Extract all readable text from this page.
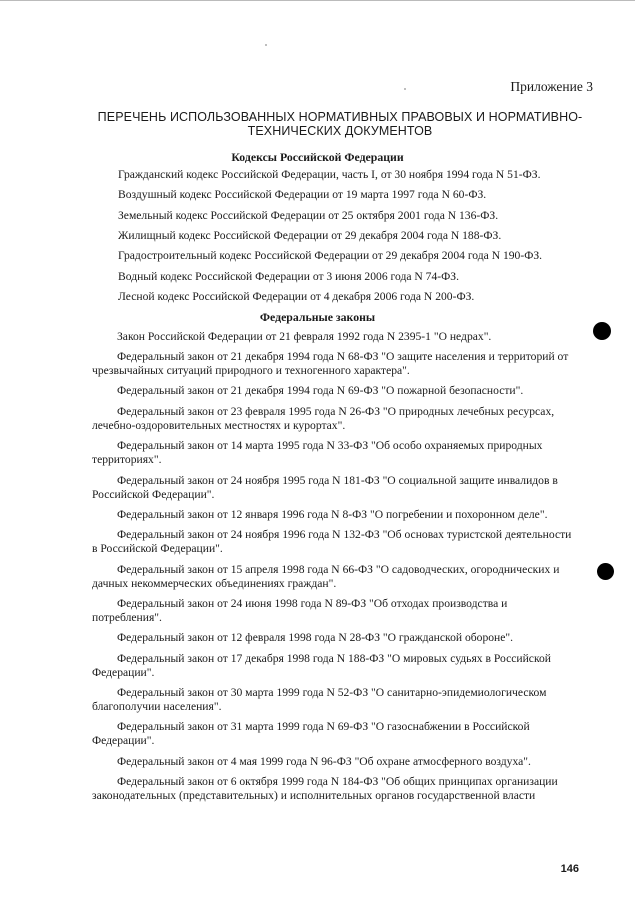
Приложение 3
ПЕРЕЧЕНЬ ИСПОЛЬЗОВАННЫХ НОРМАТИВНЫХ ПРАВОВЫХ И НОРМАТИВНО-ТЕХНИЧЕСКИХ ДОКУМЕНТОВ
Кодексы Российской Федерации
Гражданский кодекс Российской Федерации, часть I, от 30 ноября 1994 года N 51-ФЗ.
Воздушный кодекс Российской Федерации от 19 марта 1997 года N 60-ФЗ.
Земельный кодекс Российской Федерации от 25 октября 2001 года N 136-ФЗ.
Жилищный кодекс Российской Федерации от 29 декабря 2004 года N 188-ФЗ.
Градостроительный кодекс Российской Федерации от 29 декабря 2004 года N 190-ФЗ.
Водный кодекс Российской Федерации от 3 июня 2006 года N 74-ФЗ.
Лесной кодекс Российской Федерации от 4 декабря 2006 года N 200-ФЗ.
Федеральные законы
Закон Российской Федерации от 21 февраля 1992 года N 2395-1 "О недрах".
Федеральный закон от 21 декабря 1994 года N 68-ФЗ "О защите населения и территорий от
чрезвычайных ситуаций природного и техногенного характера".
Федеральный закон от 21 декабря 1994 года N 69-ФЗ "О пожарной безопасности".
Федеральный закон от 23 февраля 1995 года N 26-ФЗ "О природных лечебных ресурсах,
лечебно-оздоровительных местностях и курортах".
Федеральный закон от 14 марта 1995 года N 33-ФЗ "Об особо охраняемых природных
территориях".
Федеральный закон от 24 ноября 1995 года N 181-ФЗ "О социальной защите инвалидов в
Российской Федерации".
Федеральный закон от 12 января 1996 года N 8-ФЗ "О погребении и похоронном деле".
Федеральный закон от 24 ноября 1996 года N 132-ФЗ "Об основах туристской деятельности
в Российской Федерации".
Федеральный закон от 15 апреля 1998 года N 66-ФЗ "О садоводческих, огороднических и
дачных некоммерческих объединениях граждан".
Федеральный закон от 24 июня 1998 года N 89-ФЗ "Об отходах производства и
потребления".
Федеральный закон от 12 февраля 1998 года N 28-ФЗ "О гражданской обороне".
Федеральный закон от 17 декабря 1998 года N 188-ФЗ "О мировых судьях в Российской
Федерации".
Федеральный закон от 30 марта 1999 года N 52-ФЗ "О санитарно-эпидемиологическом
благополучии населения".
Федеральный закон от 31 марта 1999 года N 69-ФЗ "О газоснабжении в Российской
Федерации".
Федеральный закон от 4 мая 1999 года N 96-ФЗ "Об охране атмосферного воздуха".
Федеральный закон от 6 октября 1999 года N 184-ФЗ "Об общих принципах организации
законодательных (представительных) и исполнительных органов государственной власти
146
